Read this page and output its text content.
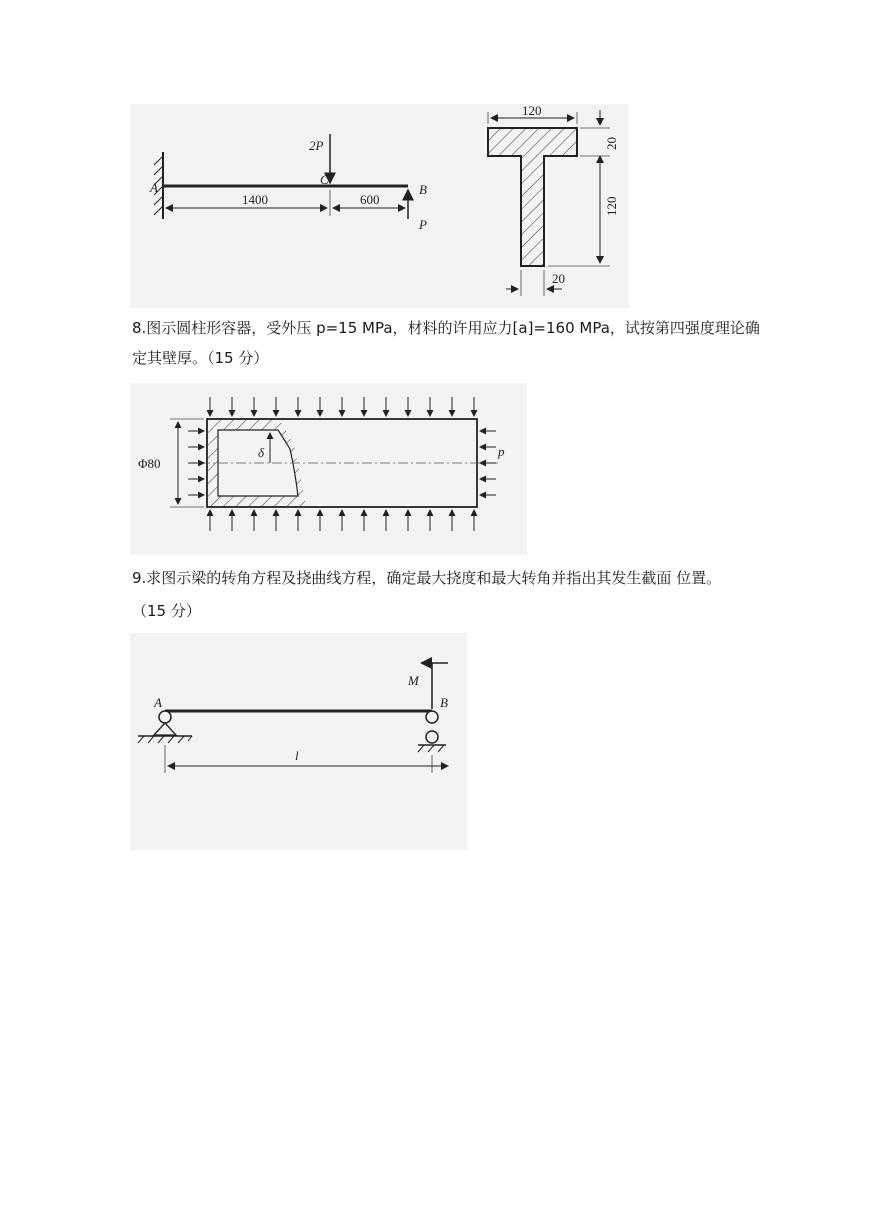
2P
C
A	B
P
1400	600
120
20
120
20
8.图示圆柱形容器，受外压 p=15 MPa，材料的许用应力[a]=160 MPa，试按第四强度理论确
定其壁厚。（15 分）
δ
Φ80
p
9.求图示梁的转角方程及挠曲线方程，确定最大挠度和最大转角并指出其发生截面 位置。
（15 分）
A	B
M
l
